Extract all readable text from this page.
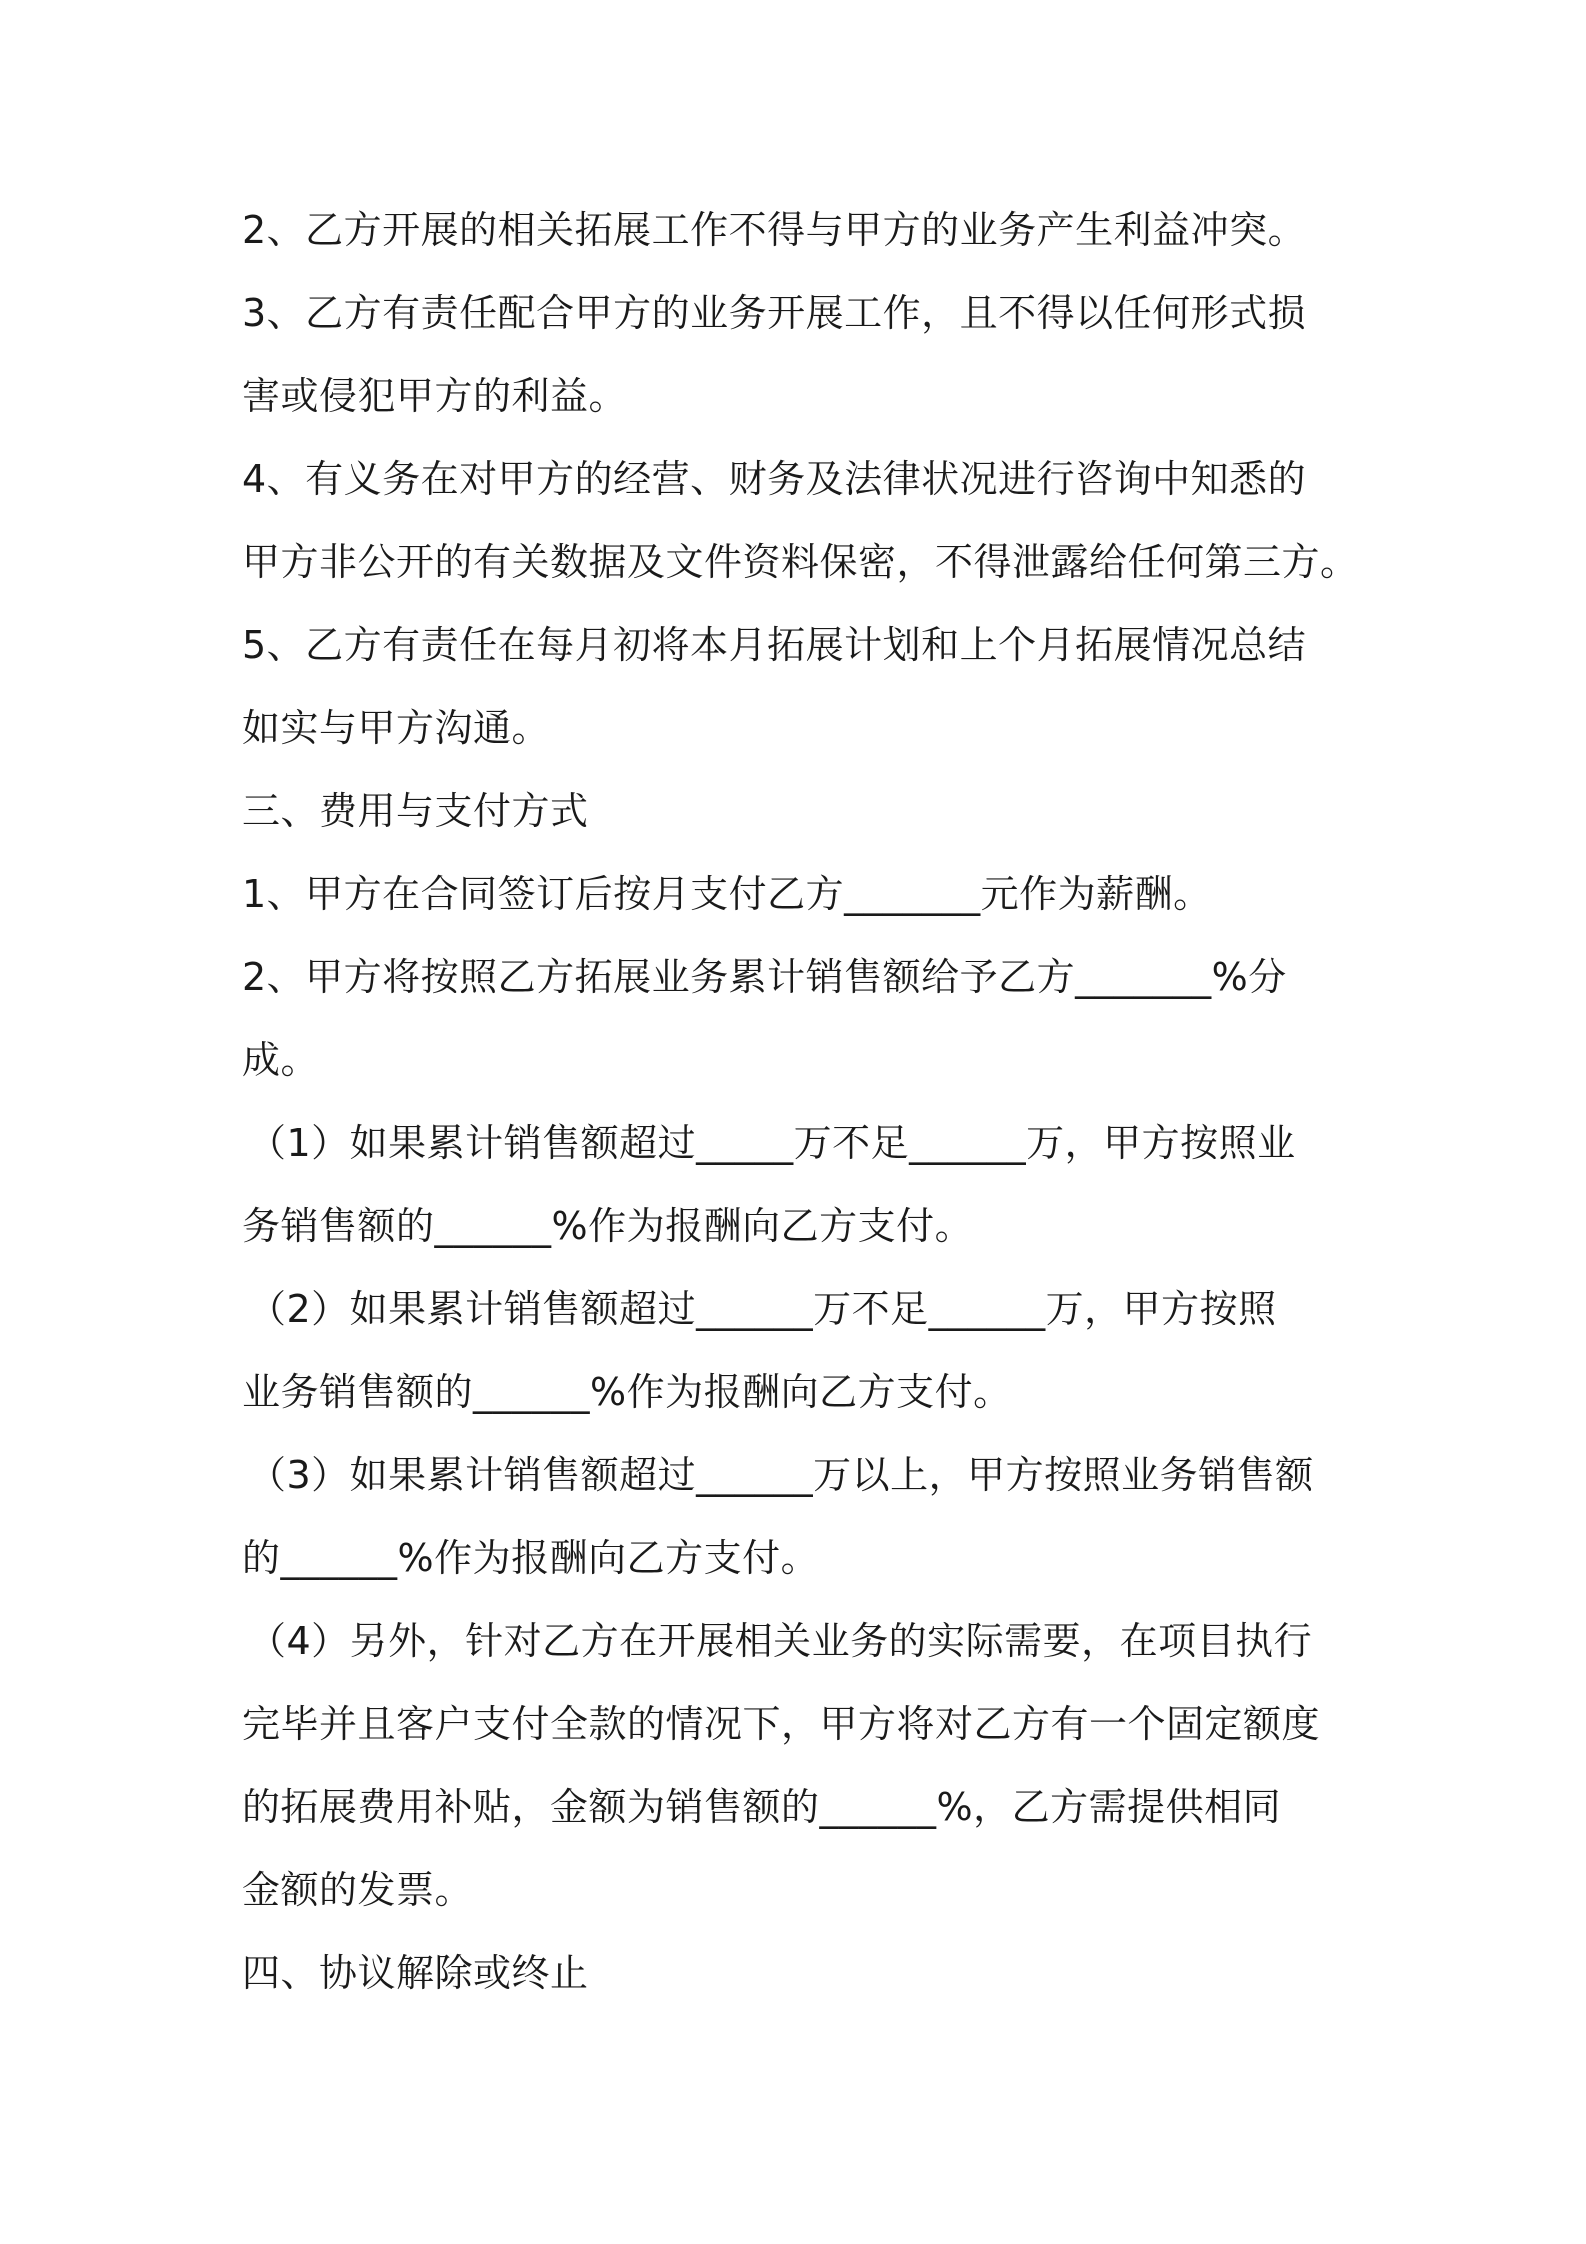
2、乙方开展的相关拓展工作不得与甲方的业务产生利益冲突。
3、乙方有责任配合甲方的业务开展工作，且不得以任何形式损
害或侵犯甲方的利益。
4、有义务在对甲方的经营、财务及法律状况进行咨询中知悉的
甲方非公开的有关数据及文件资料保密，不得泄露给任何第三方。
5、乙方有责任在每月初将本月拓展计划和上个月拓展情况总结
如实与甲方沟通。
三、费用与支付方式
1、甲方在合同签订后按月支付乙方_______元作为薪酬。
2、甲方将按照乙方拓展业务累计销售额给予乙方_______%分
成。
（1）如果累计销售额超过_____万不足______万，甲方按照业
务销售额的______%作为报酬向乙方支付。
（2）如果累计销售额超过______万不足______万，甲方按照
业务销售额的______%作为报酬向乙方支付。
（3）如果累计销售额超过______万以上，甲方按照业务销售额
的______%作为报酬向乙方支付。
（4）另外，针对乙方在开展相关业务的实际需要，在项目执行
完毕并且客户支付全款的情况下，甲方将对乙方有一个固定额度
的拓展费用补贴，金额为销售额的______%，乙方需提供相同
金额的发票。
四、协议解除或终止
